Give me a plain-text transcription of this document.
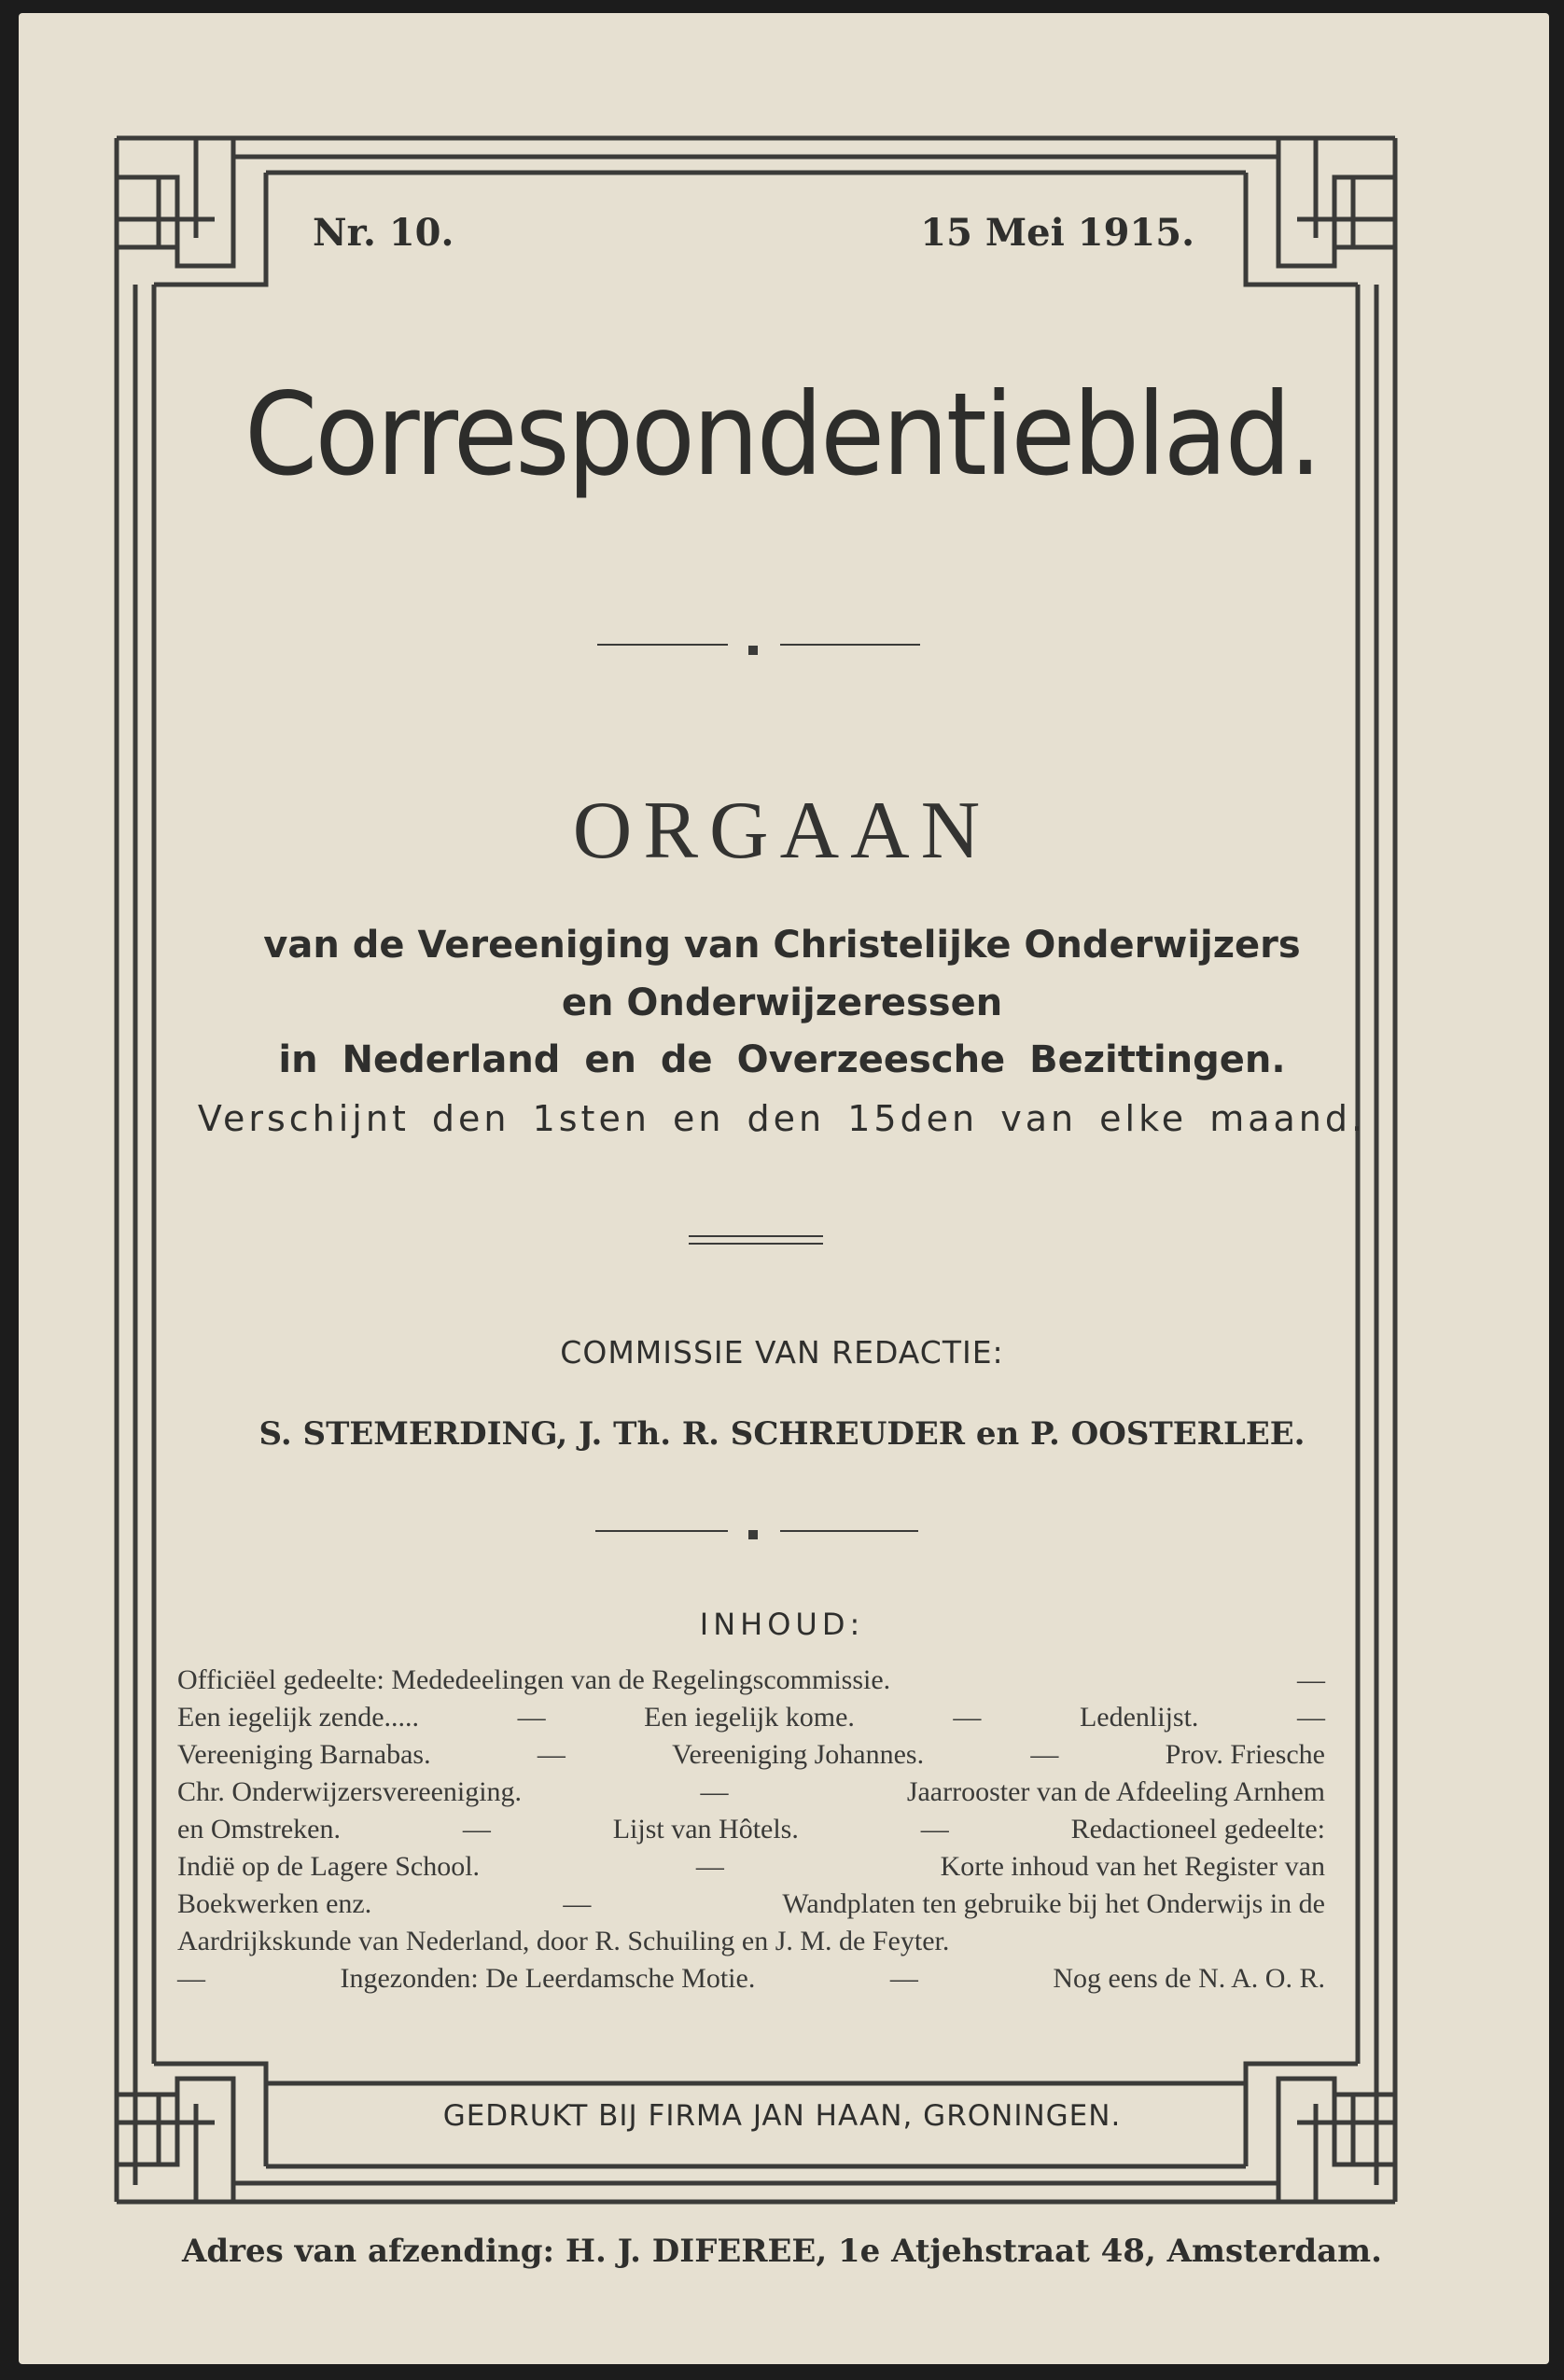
Nr. 10.	15 Mei 1915.
Correspondentieblad.
ORGAAN
van de Vereeniging van Christelijke Onderwijzers
en Onderwijzeressen
in Nederland en de Overzeesche Bezittingen.
Verschijnt den 1sten en den 15den van elke maand.
COMMISSIE VAN REDACTIE:
S. STEMERDING, J. Th. R. SCHREUDER en P. OOSTERLEE.
INHOUD:
Officiëel gedeelte: Mededeelingen van de Regelingscommissie.	—
Een iegelijk zende.....	—	Een iegelijk kome.	—	Ledenlijst.	—
Vereeniging Barnabas.	—	Vereeniging Johannes.	—	Prov. Friesche
Chr. Onderwijzersvereeniging.	—	Jaarrooster van de Afdeeling Arnhem
en Omstreken.	—	Lijst van Hôtels.	—	Redactioneel gedeelte:
Indië op de Lagere School.	—	Korte inhoud van het Register van
Boekwerken enz.	—	Wandplaten ten gebruike bij het Onderwijs in de
Aardrijkskunde van Nederland, door R. Schuiling en J. M. de Feyter.
—	Ingezonden: De Leerdamsche Motie.	—	Nog eens de N. A. O. R.
GEDRUKT BIJ FIRMA JAN HAAN, GRONINGEN.
Adres van afzending: H. J. DIFEREE, 1e Atjehstraat 48, Amsterdam.
